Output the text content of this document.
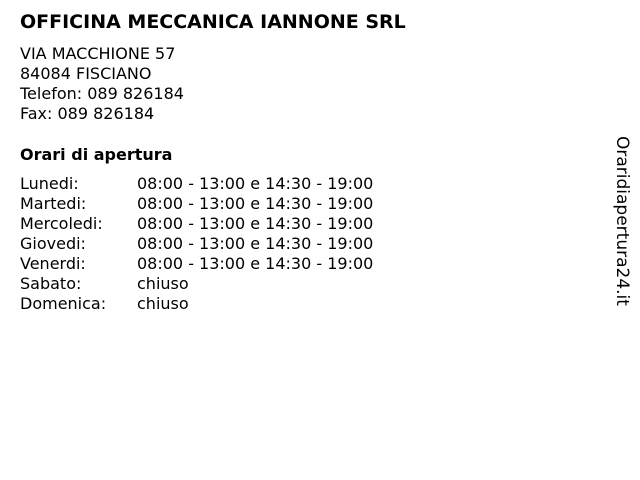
OFFICINA MECCANICA IANNONE SRL
VIA MACCHIONE 57
84084 FISCIANO
Telefon: 089 826184
Fax: 089 826184
Orari di apertura
Lunedi:	08:00 - 13:00 e 14:30 - 19:00
Martedi:	08:00 - 13:00 e 14:30 - 19:00
Mercoledi:	08:00 - 13:00 e 14:30 - 19:00
Giovedi:	08:00 - 13:00 e 14:30 - 19:00
Venerdi:	08:00 - 13:00 e 14:30 - 19:00
Sabato:	chiuso
Domenica:	chiuso	Oraridiapertura24.it
